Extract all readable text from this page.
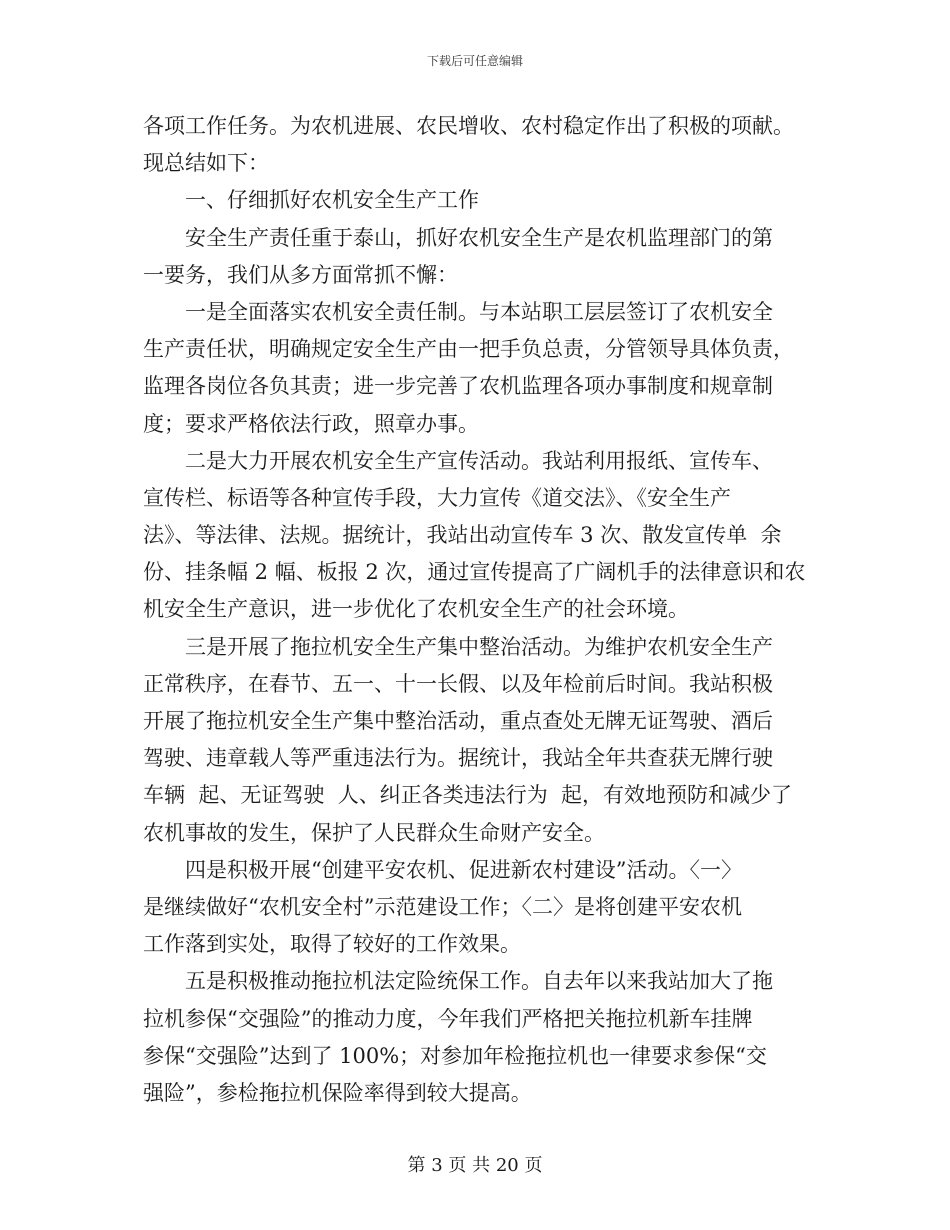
下载后可任意编辑
各项工作任务。为农机进展、农民增收、农村稳定作出了积极的项献。
现总结如下：
一、仔细抓好农机安全生产工作
安全生产责任重于泰山，抓好农机安全生产是农机监理部门的第
一要务，我们从多方面常抓不懈：
一是全面落实农机安全责任制。与本站职工层层签订了农机安全
生产责任状，明确规定安全生产由一把手负总责，分管领导具体负责，
监理各岗位各负其责；进一步完善了农机监理各项办事制度和规章制
度；要求严格依法行政，照章办事。
二是大力开展农机安全生产宣传活动。我站利用报纸、宣传车、
宣传栏、标语等各种宣传手段，大力宣传《道交法》、《安全生产
法》、等法律、法规。据统计，我站出动宣传车 3 次、散发宣传单  余
份、挂条幅 2 幅、板报 2 次，通过宣传提高了广阔机手的法律意识和农
机安全生产意识，进一步优化了农机安全生产的社会环境。
三是开展了拖拉机安全生产集中整治活动。为维护农机安全生产
正常秩序，在春节、五一、十一长假、以及年检前后时间。我站积极
开展了拖拉机安全生产集中整治活动，重点查处无牌无证驾驶、酒后
驾驶、违章载人等严重违法行为。据统计，我站全年共查获无牌行驶
车辆  起、无证驾驶  人、纠正各类违法行为  起，有效地预防和减少了
农机事故的发生，保护了人民群众生命财产安全。
四是积极开展“创建平安农机、促进新农村建设”活动。〈一〉
是继续做好“农机安全村”示范建设工作；〈二〉是将创建平安农机
工作落到实处，取得了较好的工作效果。
五是积极推动拖拉机法定险统保工作。自去年以来我站加大了拖
拉机参保“交强险”的推动力度，今年我们严格把关拖拉机新车挂牌
参保“交强险”达到了 100%；对参加年检拖拉机也一律要求参保“交
强险”，参检拖拉机保险率得到较大提高。
第 3 页 共 20 页
